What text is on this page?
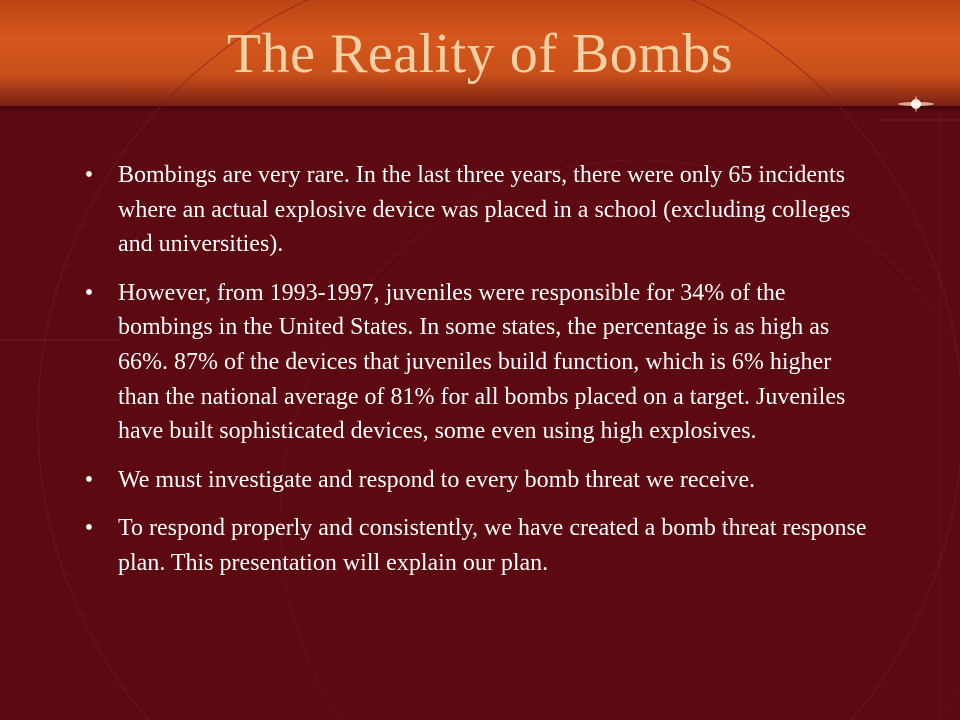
The Reality of Bombs
• Bombings are very rare. In the last three years, there were only 65 incidents where an actual explosive device was placed in a school (excluding colleges and universities).
• However, from 1993-1997, juveniles were responsible for 34% of the bombings in the United States. In some states, the percentage is as high as 66%. 87% of the devices that juveniles build function, which is 6% higher than the national average of 81% for all bombs placed on a target. Juveniles have built sophisticated devices, some even using high explosives.
• We must investigate and respond to every bomb threat we receive.
• To respond properly and consistently, we have created a bomb threat response plan. This presentation will explain our plan.
